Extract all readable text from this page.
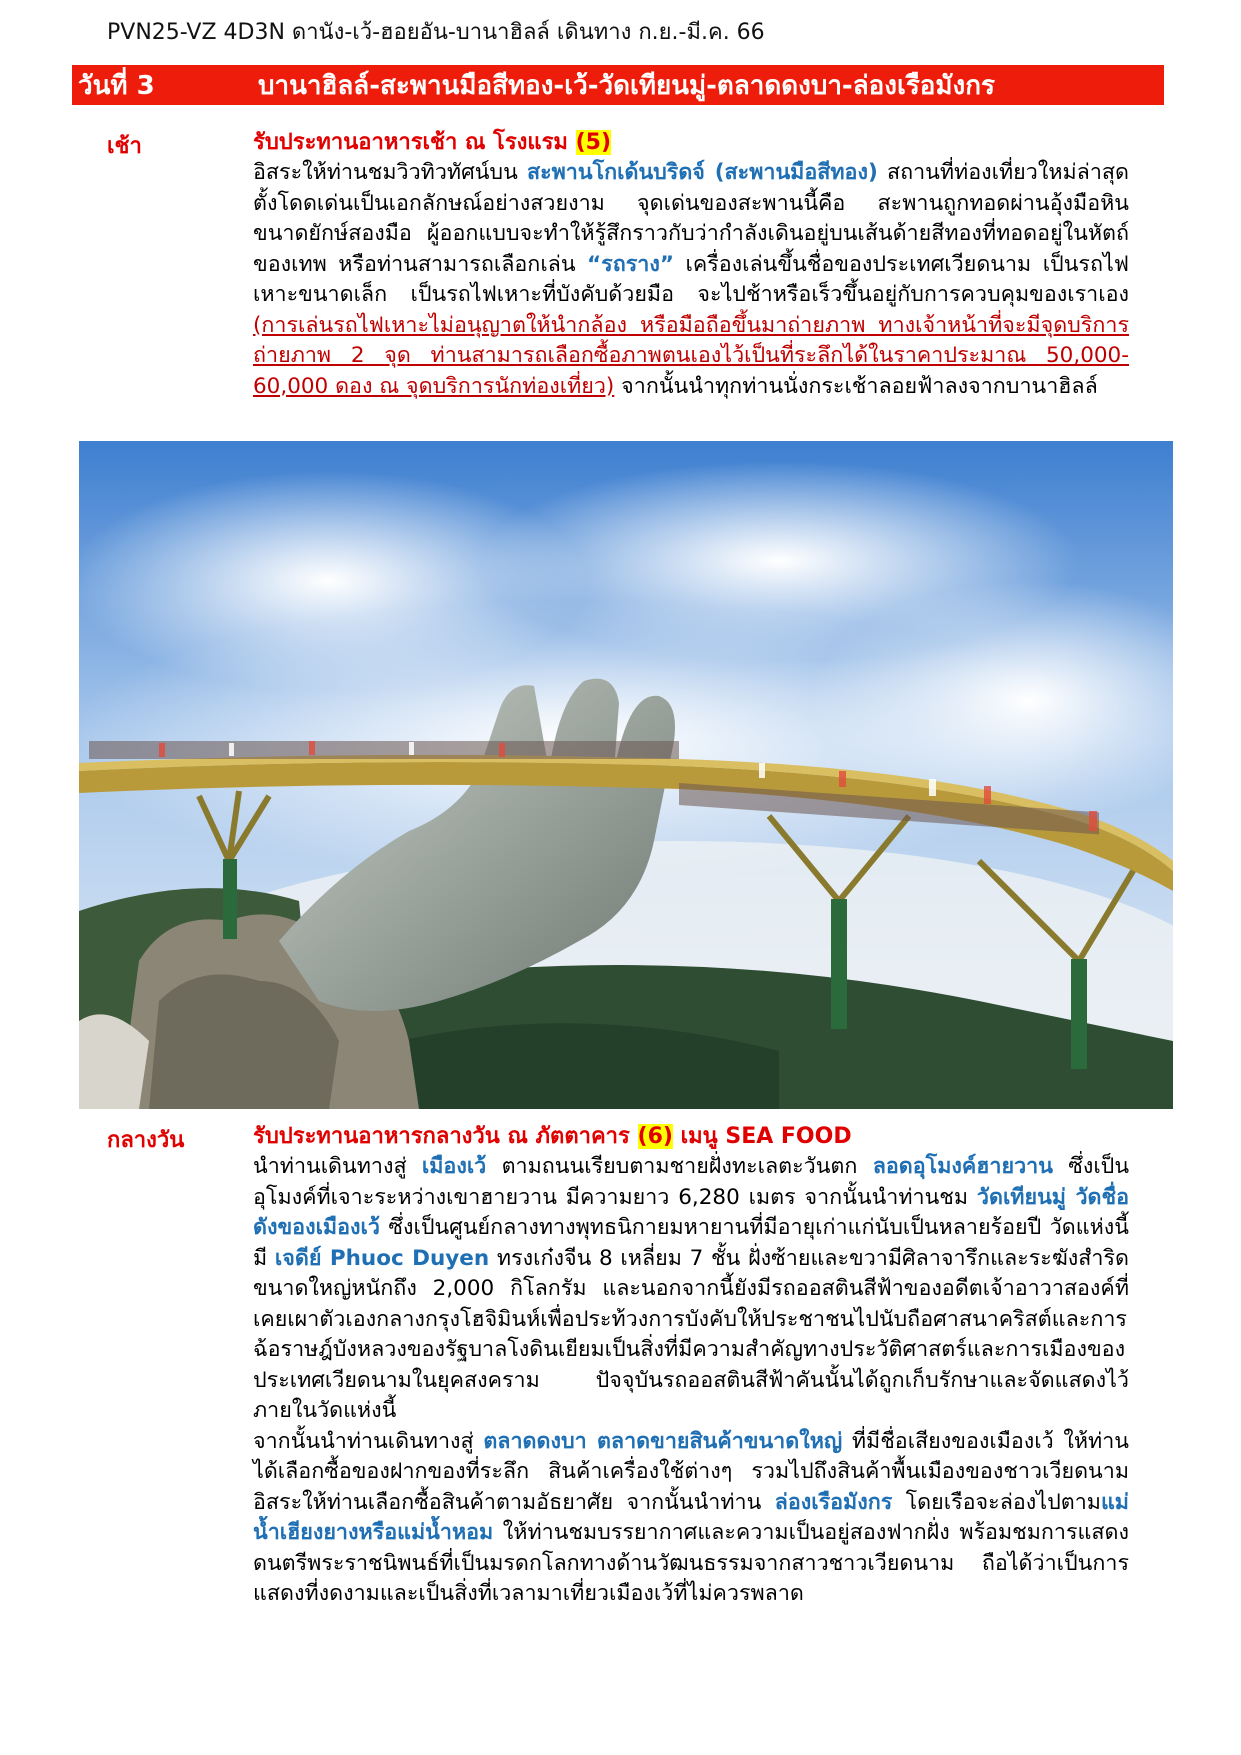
PVN25-VZ 4D3N ดานัง-เว้-ฮอยอัน-บานาฮิลล์ เดินทาง ก.ย.-มี.ค. 66
วันที่ 3	บานาฮิลล์-สะพานมือสีทอง-เว้-วัดเทียนมู่-ตลาดดงบา-ล่องเรือมังกร
เช้า	รับประทานอาหารเช้า ณ โรงแรม (5)

อิสระให้ท่านชมวิวทิวทัศน์บน สะพานโกเด้นบริดจ์ (สะพานมือสีทอง) สถานที่ท่องเที่ยวใหม่ล่าสุดตั้งโดดเด่นเป็นเอกลักษณ์อย่างสวยงาม จุดเด่นของสะพานนี้คือ สะพานถูกทอดผ่านอุ้งมือหินขนาดยักษ์สองมือ ผู้ออกแบบจะทำให้รู้สึกราวกับว่ากำลังเดินอยู่บนเส้นด้ายสีทองที่ทอดอยู่ในหัตถ์ของเทพ หรือท่านสามารถเลือกเล่น “รถราง” เครื่องเล่นขึ้นชื่อของประเทศเวียดนาม เป็นรถไฟเหาะขนาดเล็ก เป็นรถไฟเหาะที่บังคับด้วยมือ จะไปช้าหรือเร็วขึ้นอยู่กับการควบคุมของเราเอง (การเล่นรถไฟเหาะไม่อนุญาตให้นำกล้อง หรือมือถือขึ้นมาถ่ายภาพ ทางเจ้าหน้าที่จะมีจุดบริการถ่ายภาพ 2 จุด ท่านสามารถเลือกซื้อภาพตนเองไว้เป็นที่ระลึกได้ในราคาประมาณ 50,000-60,000 ดอง ณ จุดบริการนักท่องเที่ยว) จากนั้นนำทุกท่านนั่งกระเช้าลอยฟ้าลงจากบานาฮิลล์

กลางวัน	รับประทานอาหารกลางวัน ณ ภัตตาคาร (6) เมนู SEA FOOD

นำท่านเดินทางสู่ เมืองเว้ ตามถนนเรียบตามชายฝั่งทะเลตะวันตก ลอดอุโมงค์ฮายวาน ซึ่งเป็นอุโมงค์ที่เจาะระหว่างเขาฮายวาน มีความยาว 6,280 เมตร จากนั้นนำท่านชม วัดเทียนมู่ วัดชื่อดังของเมืองเว้ ซึ่งเป็นศูนย์กลางทางพุทธนิกายมหายานที่มีอายุเก่าแก่นับเป็นหลายร้อยปี วัดแห่งนี้มี เจดีย์ Phuoc Duyen ทรงเก๋งจีน 8 เหลี่ยม 7 ชั้น ฝั่งซ้ายและขวามีศิลาจารึกและระฆังสำริดขนาดใหญ่หนักถึง 2,000 กิโลกรัม และนอกจากนี้ยังมีรถออสตินสีฟ้าของอดีตเจ้าอาวาสองค์ที่เคยเผาตัวเองกลางกรุงโฮจิมินห์เพื่อประท้วงการบังคับให้ประชาชนไปนับถือศาสนาคริสต์และการฉ้อราษฎ์บังหลวงของรัฐบาลโงดินเยียมเป็นสิ่งที่มีความสำคัญทางประวัติศาสตร์และการเมืองของประเทศเวียดนามในยุคสงคราม ปัจจุบันรถออสตินสีฟ้าคันนั้นได้ถูกเก็บรักษาและจัดแสดงไว้ภายในวัดแห่งนี้

จากนั้นนำท่านเดินทางสู่ ตลาดดงบา ตลาดขายสินค้าขนาดใหญ่ ที่มีชื่อเสียงของเมืองเว้ ให้ท่านได้เลือกซื้อของฝากของที่ระลึก สินค้าเครื่องใช้ต่างๆ รวมไปถึงสินค้าพื้นเมืองของชาวเวียดนาม อิสระให้ท่านเลือกซื้อสินค้าตามอัธยาศัย จากนั้นนำท่าน ล่องเรือมังกร โดยเรือจะล่องไปตามแม่น้ำเฮียงยางหรือแม่น้ำหอม ให้ท่านชมบรรยากาศและความเป็นอยู่สองฟากฝั่ง พร้อมชมการแสดงดนตรีพระราชนิพนธ์ที่เป็นมรดกโลกทางด้านวัฒนธรรมจากสาวชาวเวียดนาม ถือได้ว่าเป็นการแสดงที่งดงามและเป็นสิ่งที่เวลามาเที่ยวเมืองเว้ที่ไม่ควรพลาด
